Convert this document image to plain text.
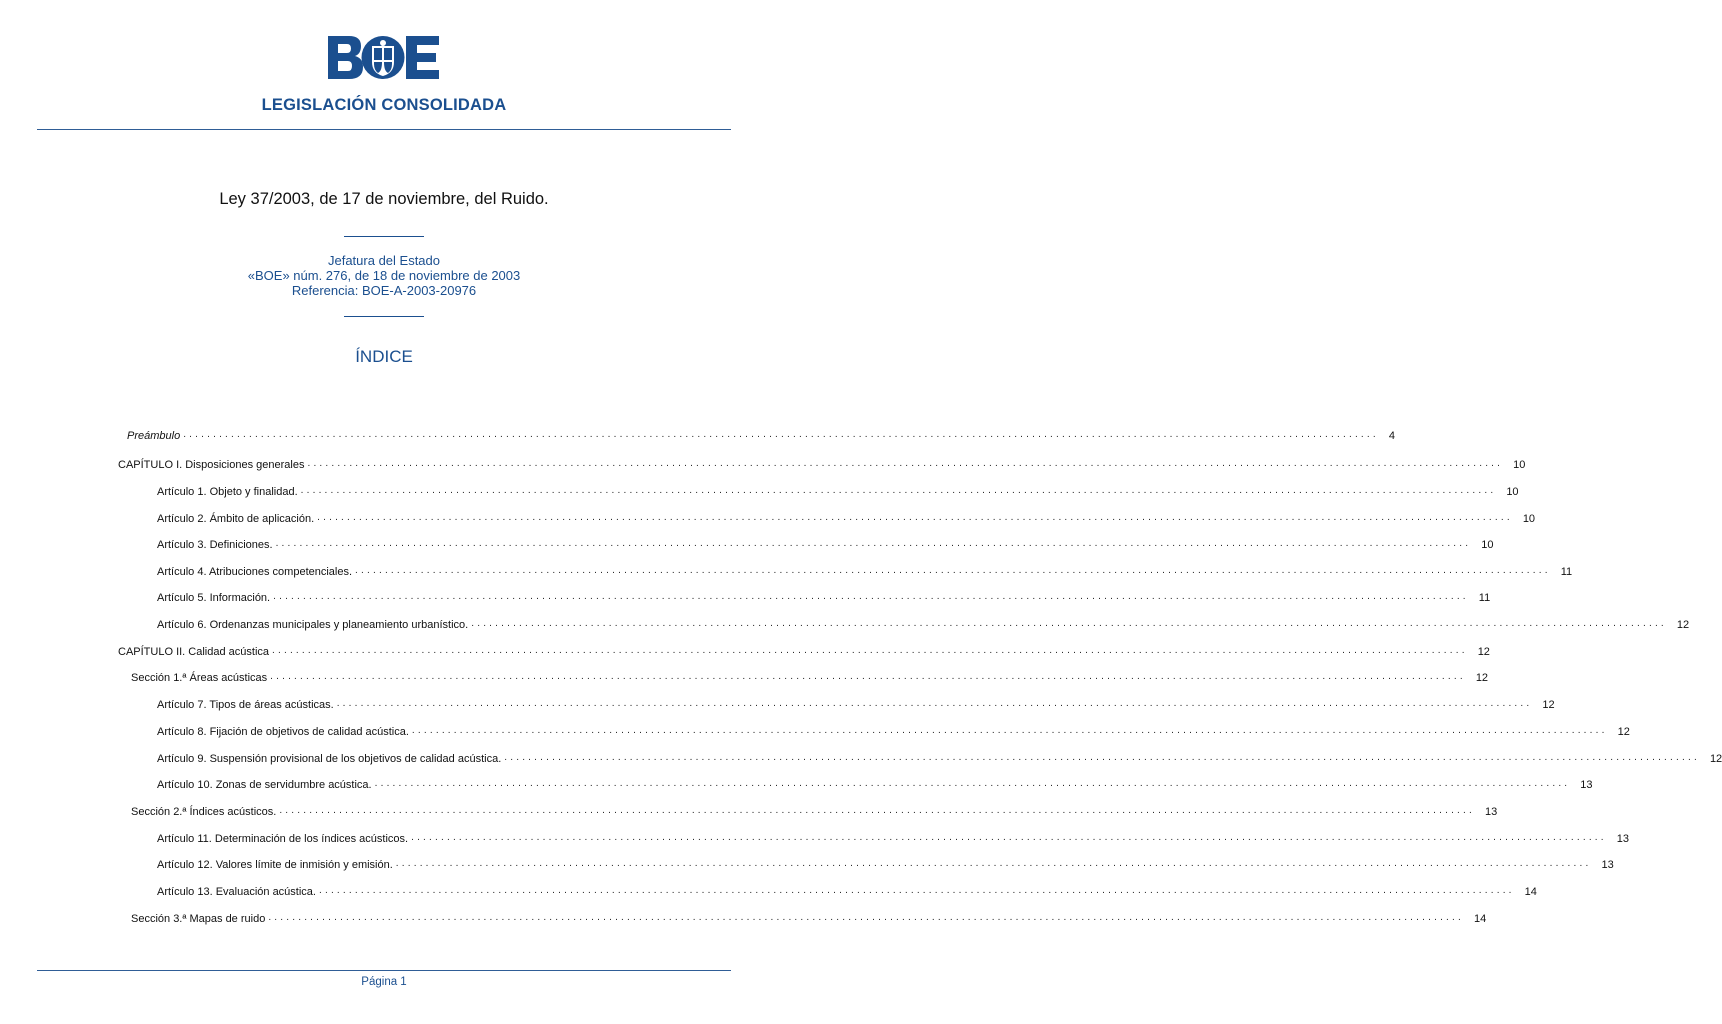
LEGISLACIÓN CONSOLIDADA
Ley 37/2003, de 17 de noviembre, del Ruido.
Jefatura del Estado
«BOE» núm. 276, de 18 de noviembre de 2003
Referencia: BOE-A-2003-20976
ÍNDICE
Preámbulo ........................................................................................................................................................................................................ 4
CAPÍTULO I. Disposiciones generales ........................................................................................................................................................................................................ 10
Artículo 1. Objeto y finalidad. ........................................................................................................................................................................................................ 10
Artículo 2. Ámbito de aplicación. ........................................................................................................................................................................................................ 10
Artículo 3. Definiciones. ........................................................................................................................................................................................................ 10
Artículo 4. Atribuciones competenciales. ........................................................................................................................................................................................................ 11
Artículo 5. Información. ........................................................................................................................................................................................................ 11
Artículo 6. Ordenanzas municipales y planeamiento urbanístico. ........................................................................................................................................................................................................ 12
CAPÍTULO II. Calidad acústica ........................................................................................................................................................................................................ 12
Sección 1.ª Áreas acústicas ........................................................................................................................................................................................................ 12
Artículo 7. Tipos de áreas acústicas. ........................................................................................................................................................................................................ 12
Artículo 8. Fijación de objetivos de calidad acústica. ........................................................................................................................................................................................................ 12
Artículo 9. Suspensión provisional de los objetivos de calidad acústica. ........................................................................................................................................................................................................ 12
Artículo 10. Zonas de servidumbre acústica. ........................................................................................................................................................................................................ 13
Sección 2.ª Índices acústicos. ........................................................................................................................................................................................................ 13
Artículo 11. Determinación de los índices acústicos. ........................................................................................................................................................................................................ 13
Artículo 12. Valores límite de inmisión y emisión. ........................................................................................................................................................................................................ 13
Artículo 13. Evaluación acústica. ........................................................................................................................................................................................................ 14
Sección 3.ª Mapas de ruido ........................................................................................................................................................................................................ 14
Página 1
